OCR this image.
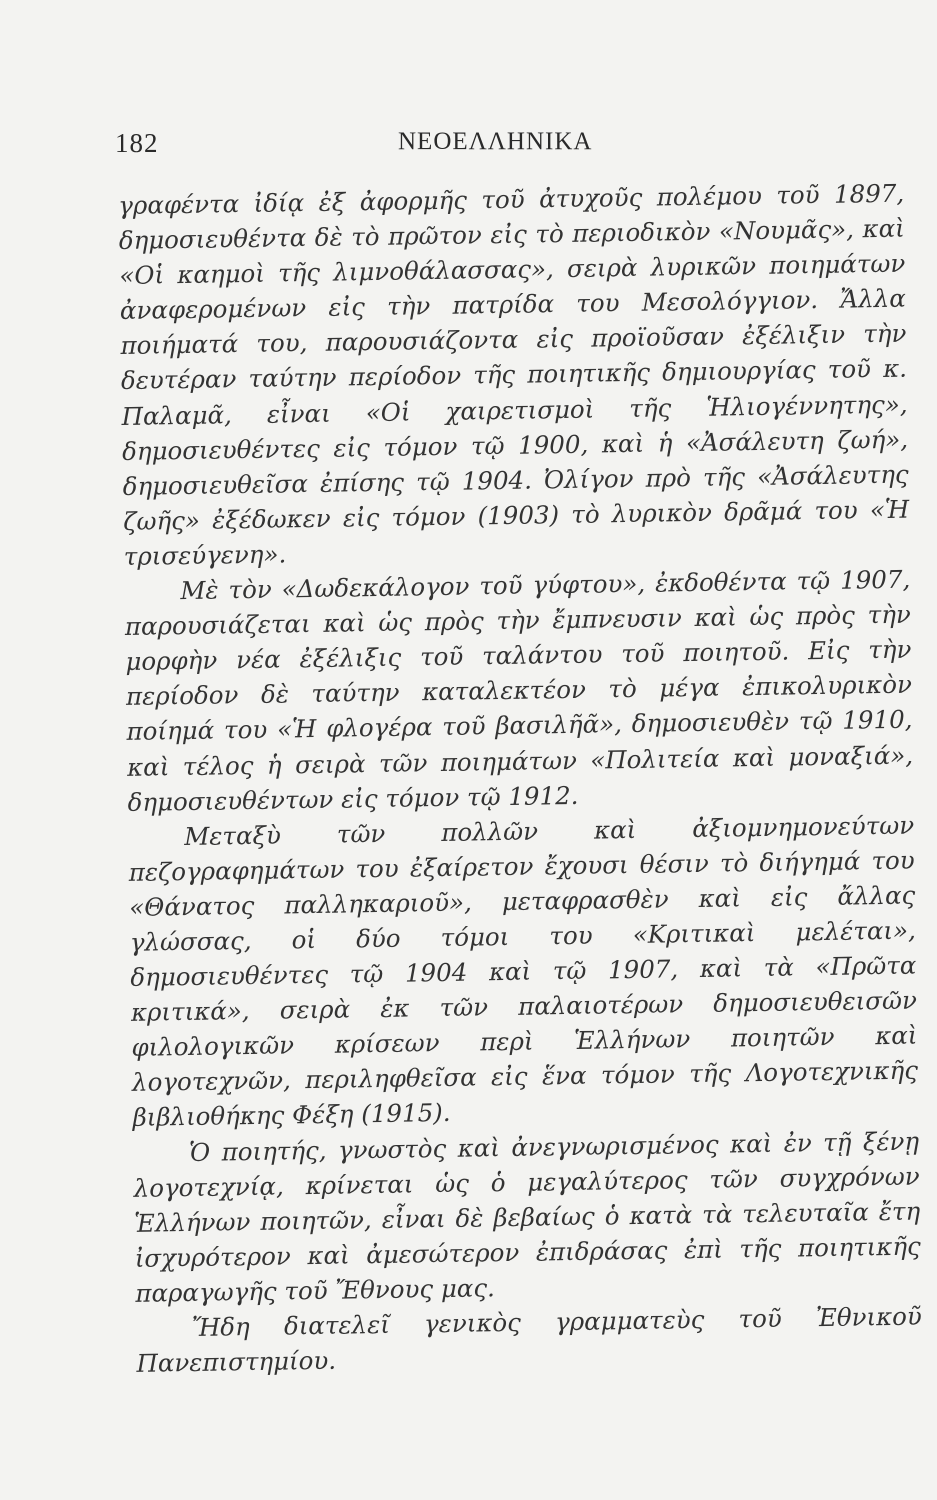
182	ΝΕΟΕΛΛΗΝΙΚΑ

γραφέντα ἰδίᾳ ἐξ ἀφορμῆς τοῦ ἀτυχοῦς πολέμου τοῦ 1897, δημοσιευθέντα δὲ τὸ πρῶτον εἰς τὸ περιοδικὸν «Νουμᾶς», καὶ «Οἱ καημοὶ τῆς λιμνοθάλασσας», σειρὰ λυρικῶν ποιημάτων ἀναφερομένων εἰς τὴν πατρίδα του Μεσολόγγιον. Ἄλλα ποιήματά του, παρουσιάζοντα εἰς προϊοῦσαν ἐξέλιξιν τὴν δευτέραν ταύτην περίοδον τῆς ποιητικῆς δημιουργίας τοῦ κ. Παλαμᾶ, εἶναι «Οἱ χαιρετισμοὶ τῆς Ἡλιογέννητης», δημοσιευθέντες εἰς τόμον τῷ 1900, καὶ ἡ «Ἀσάλευτη ζωή», δημοσιευθεῖσα ἐπίσης τῷ 1904. Ὀλίγον πρὸ τῆς «Ἀσάλευτης ζωῆς» ἐξέδωκεν εἰς τόμον (1903) τὸ λυρικὸν δρᾶμά του «Ἡ τρισεύγενη».

Μὲ τὸν «Δωδεκάλογον τοῦ γύφτου», ἐκδοθέντα τῷ 1907, παρουσιάζεται καὶ ὡς πρὸς τὴν ἔμπνευσιν καὶ ὡς πρὸς τὴν μορφὴν νέα ἐξέλιξις τοῦ ταλάντου τοῦ ποιητοῦ. Εἰς τὴν περίοδον δὲ ταύτην καταλεκτέον τὸ μέγα ἐπικολυρικὸν ποίημά του «Ἡ φλογέρα τοῦ βασιλῆᾶ», δημοσιευθὲν τῷ 1910, καὶ τέλος ἡ σειρὰ τῶν ποιημάτων «Πολιτεία καὶ μοναξιά», δημοσιευθέντων εἰς τόμον τῷ 1912.

Μεταξὺ τῶν πολλῶν καὶ ἀξιομνημονεύτων πεζογραφημάτων του ἐξαίρετον ἔχουσι θέσιν τὸ διήγημά του «Θάνατος παλληκαριοῦ», μεταφρασθὲν καὶ εἰς ἄλλας γλώσσας, οἱ δύο τόμοι του «Κριτικαὶ μελέται», δημοσιευθέντες τῷ 1904 καὶ τῷ 1907, καὶ τὰ «Πρῶτα κριτικά», σειρὰ ἐκ τῶν παλαιοτέρων δημοσιευθεισῶν φιλολογικῶν κρίσεων περὶ Ἑλλήνων ποιητῶν καὶ λογοτεχνῶν, περιληφθεῖσα εἰς ἕνα τόμον τῆς Λογοτεχνικῆς βιβλιοθήκης Φέξη (1915).

Ὁ ποιητής, γνωστὸς καὶ ἀνεγνωρισμένος καὶ ἐν τῇ ξένῃ λογοτεχνίᾳ, κρίνεται ὡς ὁ μεγαλύτερος τῶν συγχρόνων Ἑλλήνων ποιητῶν, εἶναι δὲ βεβαίως ὁ κατὰ τὰ τελευταῖα ἔτη ἰσχυρότερον καὶ ἀμεσώτερον ἐπιδράσας ἐπὶ τῆς ποιητικῆς παραγωγῆς τοῦ Ἔθνους μας.

Ἤδη διατελεῖ γενικὸς γραμματεὺς τοῦ Ἐθνικοῦ Πανεπιστημίου.
